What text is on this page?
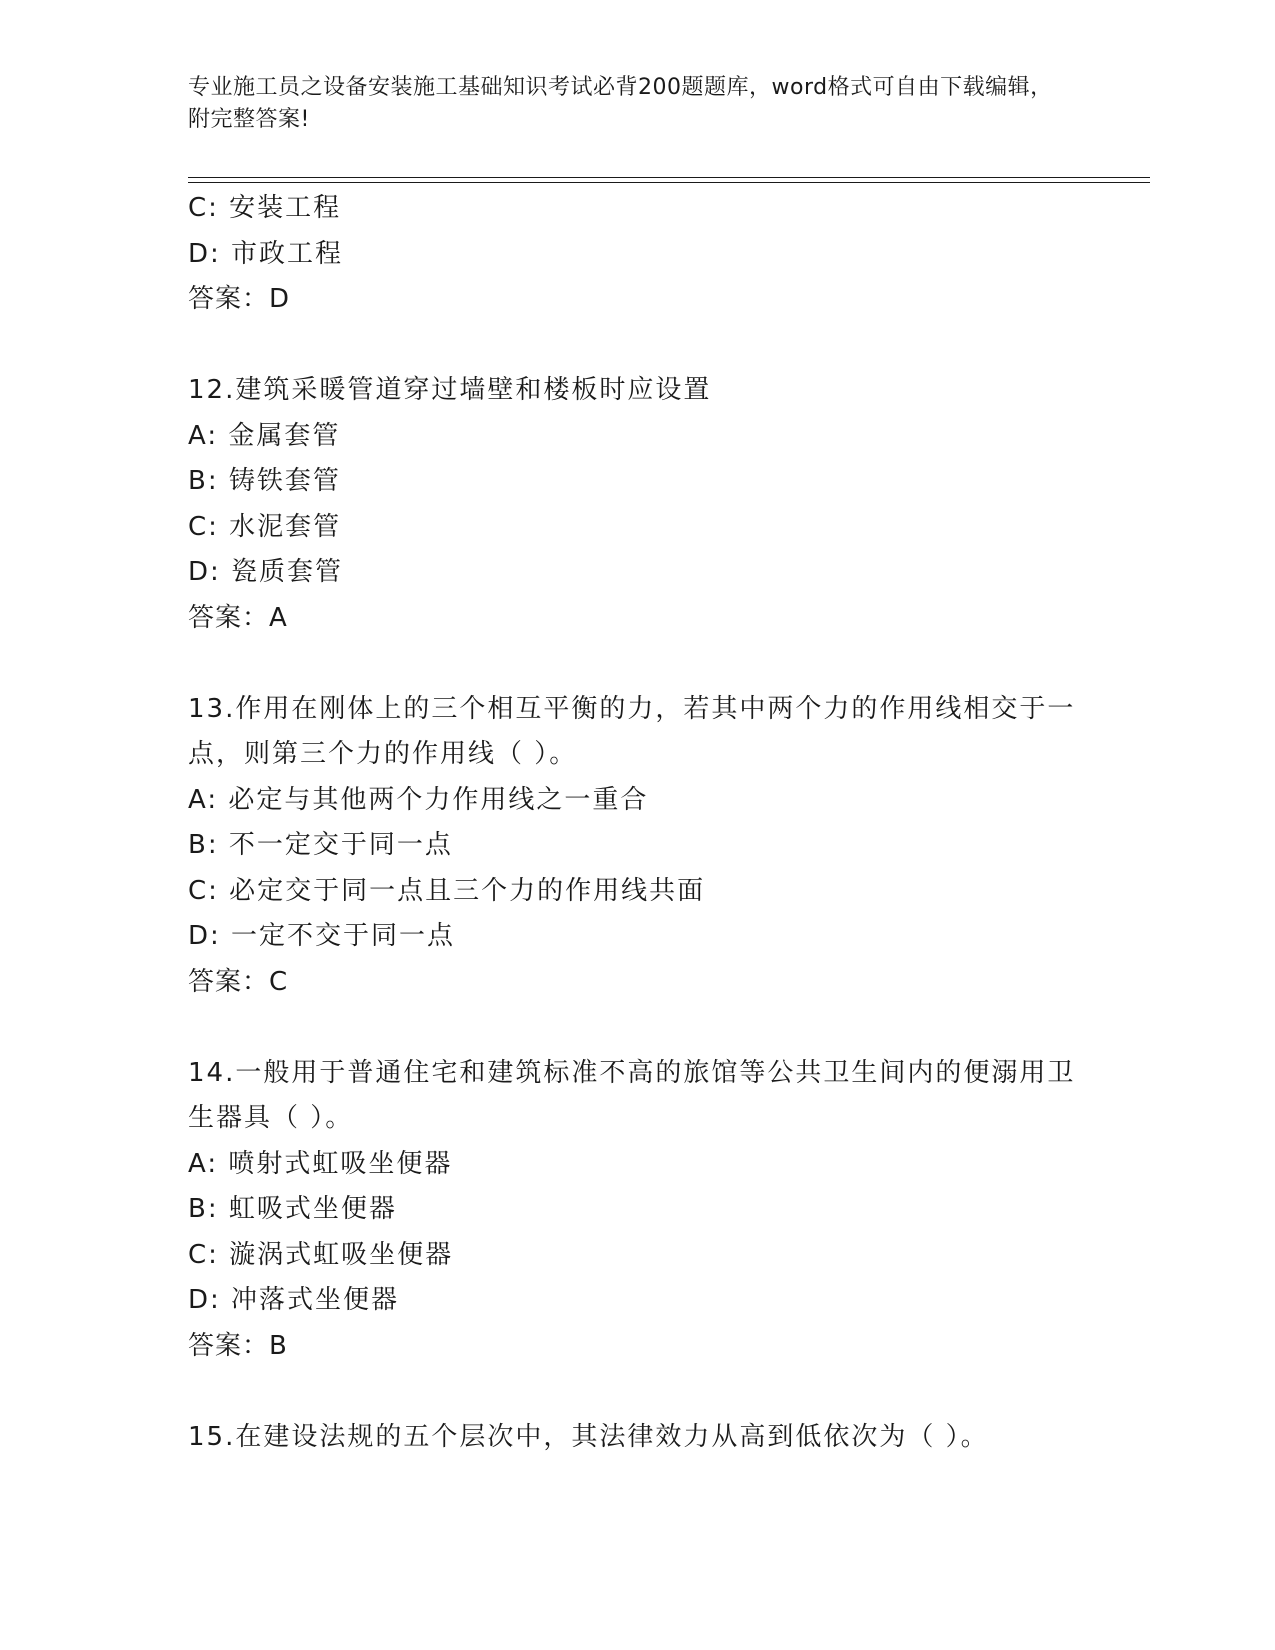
专业施工员之设备安装施工基础知识考试必背200题题库，word格式可自由下载编辑，附完整答案!
C: 安装工程
D: 市政工程
答案：D
12.建筑采暖管道穿过墙壁和楼板时应设置
A: 金属套管
B: 铸铁套管
C: 水泥套管
D: 瓷质套管
答案：A
13.作用在刚体上的三个相互平衡的力，若其中两个力的作用线相交于一点，则第三个力的作用线（ ）。
A: 必定与其他两个力作用线之一重合
B: 不一定交于同一点
C: 必定交于同一点且三个力的作用线共面
D: 一定不交于同一点
答案：C
14.一般用于普通住宅和建筑标准不高的旅馆等公共卫生间内的便溺用卫生器具（ ）。
A: 喷射式虹吸坐便器
B: 虹吸式坐便器
C: 漩涡式虹吸坐便器
D: 冲落式坐便器
答案：B
15.在建设法规的五个层次中，其法律效力从高到低依次为（ ）。
